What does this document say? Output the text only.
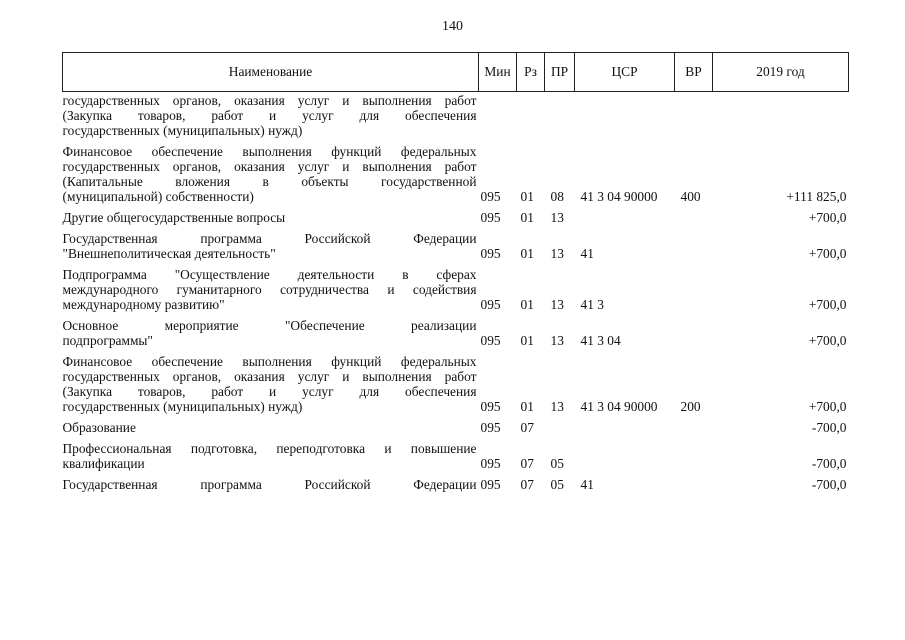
140
Наименование	Мин	Рз	ПР	ЦСР	ВР	2019 год

государственных органов, оказания услуг и выполнения работ
(Закупка товаров, работ и услуг для обеспечения
государственных (муниципальных) нужд)						

Финансовое обеспечение выполнения функций федеральных
государственных органов, оказания услуг и выполнения работ
(Капитальные вложения в объекты государственной
(муниципальной) собственности)	095	01	08	41 3 04 90000	400	+111 825,0

Другие общегосударственные вопросы	095	01	13			+700,0

Государственная программа Российской Федерации
"Внешнеполитическая деятельность"	095	01	13	41		+700,0

Подпрограмма "Осуществление деятельности в сферах
международного гуманитарного сотрудничества и содействия
международному развитию"	095	01	13	41 3		+700,0

Основное мероприятие "Обеспечение реализации
подпрограммы"	095	01	13	41 3 04		+700,0

Финансовое обеспечение выполнения функций федеральных
государственных органов, оказания услуг и выполнения работ
(Закупка товаров, работ и услуг для обеспечения
государственных (муниципальных) нужд)	095	01	13	41 3 04 90000	200	+700,0

Образование	095	07				-700,0

Профессиональная подготовка, переподготовка и повышение
квалификации	095	07	05			-700,0

Государственная программа Российской Федерации	095	07	05	41		-700,0
